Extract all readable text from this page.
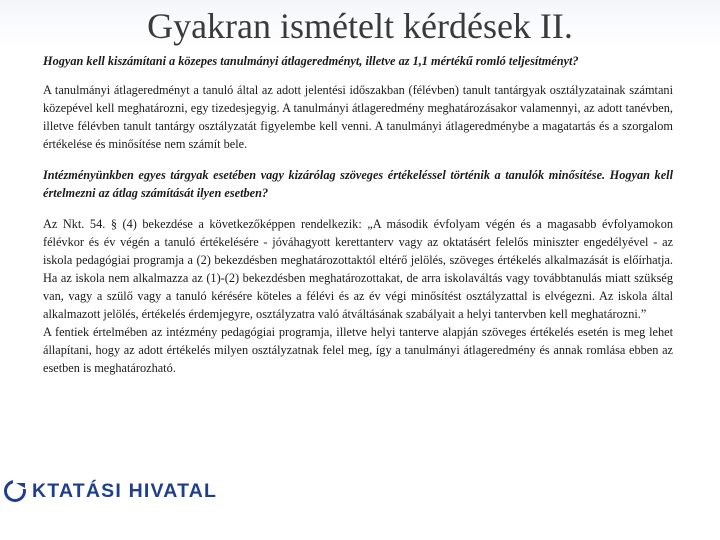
Gyakran ismételt kérdések II.

Hogyan kell kiszámítani a közepes tanulmányi átlageredményt, illetve az 1,1 mértékű romló teljesítményt?

A tanulmányi átlageredményt a tanuló által az adott jelentési időszakban (félévben) tanult tantárgyak osztályzatainak számtani közepével kell meghatározni, egy tizedesjegyig. A tanulmányi átlageredmény meghatározásakor valamennyi, az adott tanévben, illetve félévben tanult tantárgy osztályzatát figyelembe kell venni. A tanulmányi átlageredménybe a magatartás és a szorgalom értékelése és minősítése nem számít bele.

Intézményünkben egyes tárgyak esetében vagy kizárólag szöveges értékeléssel történik a tanulók minősítése. Hogyan kell értelmezni az átlag számítását ilyen esetben?

Az Nkt. 54. § (4) bekezdése a következőképpen rendelkezik: „A második évfolyam végén és a magasabb évfolyamokon félévkor és év végén a tanuló értékelésére - jóváhagyott kerettanterv vagy az oktatásért felelős miniszter engedélyével - az iskola pedagógiai programja a (2) bekezdésben meghatározottaktól eltérő jelölés, szöveges értékelés alkalmazását is előírhatja. Ha az iskola nem alkalmazza az (1)-(2) bekezdésben meghatározottakat, de arra iskolaváltás vagy továbbtanulás miatt szükség van, vagy a szülő vagy a tanuló kérésére köteles a félévi és az év végi minősítést osztályzattal is elvégezni. Az iskola által alkalmazott jelölés, értékelés érdemjegyre, osztályzatra való átváltásának szabályait a helyi tantervben kell meghatározni.”

A fentiek értelmében az intézmény pedagógiai programja, illetve helyi tanterve alapján szöveges értékelés esetén is meg lehet állapítani, hogy az adott értékelés milyen osztályzatnak felel meg, így a tanulmányi átlageredmény és annak romlása ebben az esetben is meghatározható.

KTATÁSI HIVATAL
